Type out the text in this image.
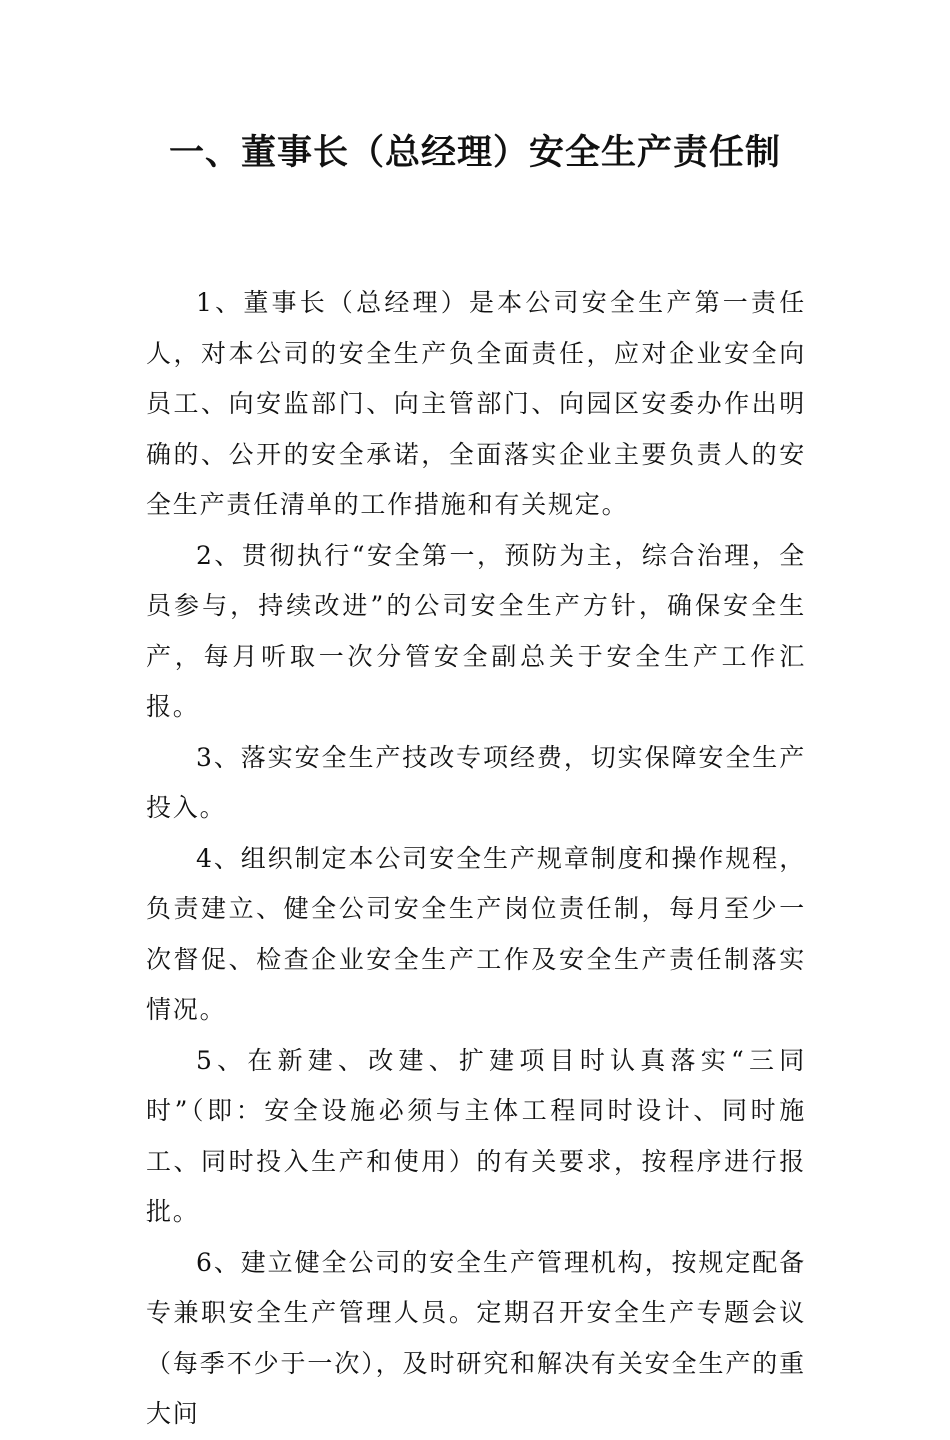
一、董事长（总经理）安全生产责任制

1、董事长（总经理）是本公司安全生产第一责任人，对本公司的安全生产负全面责任，应对企业安全向员工、向安监部门、向主管部门、向园区安委办作出明确的、公开的安全承诺，全面落实企业主要负责人的安全生产责任清单的工作措施和有关规定。

2、贯彻执行“安全第一，预防为主，综合治理，全员参与，持续改进”的公司安全生产方针，确保安全生产，每月听取一次分管安全副总关于安全生产工作汇报。

3、落实安全生产技改专项经费，切实保障安全生产投入。

4、组织制定本公司安全生产规章制度和操作规程，负责建立、健全公司安全生产岗位责任制，每月至少一次督促、检查企业安全生产工作及安全生产责任制落实情况。

5、在新建、改建、扩建项目时认真落实“三同时”（即：安全设施必须与主体工程同时设计、同时施工、同时投入生产和使用）的有关要求，按程序进行报批。

6、建立健全公司的安全生产管理机构，按规定配备专兼职安全生产管理人员。定期召开安全生产专题会议（每季不少于一次），及时研究和解决有关安全生产的重大问
